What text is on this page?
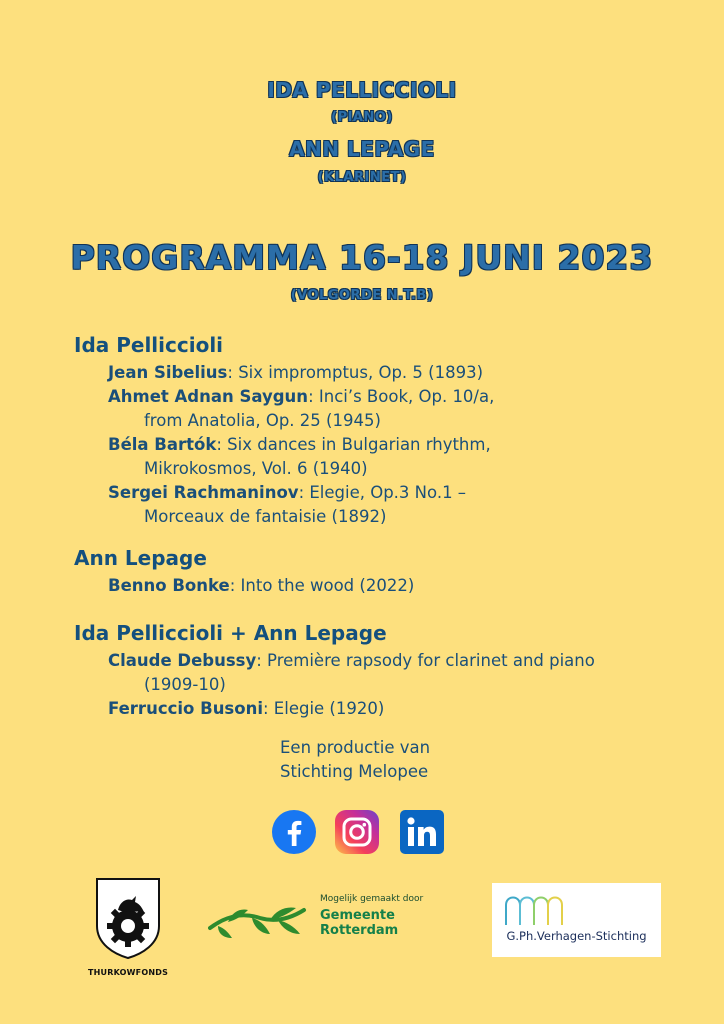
IDA PELLICCIOLI
(PIANO)
ANN LEPAGE
(KLARINET)
PROGRAMMA 16-18 JUNI 2023
(VOLGORDE N.T.B)
Ida Pelliccioli
Jean Sibelius: Six impromptus, Op. 5 (1893)
Ahmet Adnan Saygun: Inci’s Book, Op. 10/a,
from Anatolia, Op. 25 (1945)
Béla Bartók: Six dances in Bulgarian rhythm,
Mikrokosmos, Vol. 6 (1940)
Sergei Rachmaninov: Elegie, Op.3 No.1 –
Morceaux de fantaisie (1892)
Ann Lepage
Benno Bonke: Into the wood (2022)
Ida Pelliccioli + Ann Lepage
Claude Debussy: Première rapsody for clarinet and piano
(1909-10)
Ferruccio Busoni: Elegie (1920)
Een productie van
Stichting Melopee
THURKOWFONDS
Mogelijk gemaakt door
Gemeente
Rotterdam	G.Ph.Verhagen-Stichting
